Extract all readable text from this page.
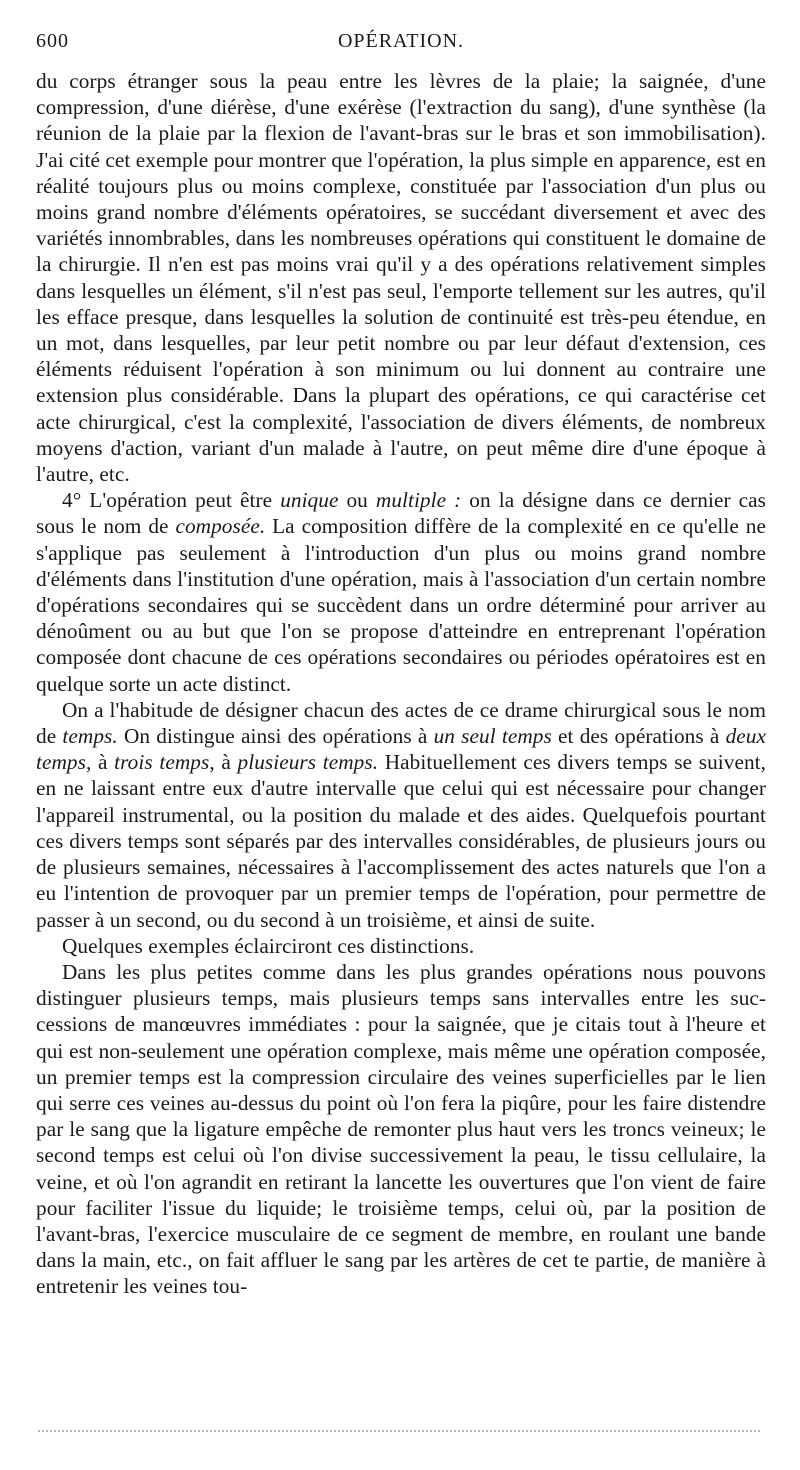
600	OPÉRATION.

du corps étranger sous la peau entre les lèvres de la plaie; la saignée, d'une compression, d'une diérèse, d'une exérèse (l'extraction du sang), d'une synthèse (la réunion de la plaie par la flexion de l'avant-bras sur le bras et son immobilisation). J'ai cité cet exemple pour montrer que l'opération, la plus simple en apparence, est en réalité toujours plus ou moins complexe, constituée par l'association d'un plus ou moins grand nombre d'éléments opératoires, se succédant diversement et avec des variétés innombrables, dans les nombreuses opérations qui constituent le domaine de la chirurgie. Il n'en est pas moins vrai qu'il y a des opérations relativement simples dans lesquelles un élément, s'il n'est pas seul, l'emporte tellement sur les autres, qu'il les efface presque, dans lesquelles la solution de continuité est très-peu étendue, en un mot, dans lesquelles, par leur petit nombre ou par leur défaut d'extension, ces éléments réduisent l'opération à son minimum ou lui donnent au contraire une extension plus considérable. Dans la plupart des opérations, ce qui caractérise cet acte chirurgical, c'est la complexité, l'association de divers éléments, de nombreux moyens d'action, variant d'un malade à l'autre, on peut même dire d'une époque à l'autre, etc.

4° L'opération peut être unique ou multiple : on la désigne dans ce dernier cas sous le nom de composée. La composition diffère de la complexité en ce qu'elle ne s'applique pas seulement à l'introduction d'un plus ou moins grand nombre d'éléments dans l'institution d'une opération, mais à l'association d'un certain nombre d'opérations secondaires qui se succèdent dans un ordre déterminé pour arriver au dénoûment ou au but que l'on se propose d'atteindre en entreprenant l'opération composée dont chacune de ces opérations secondaires ou périodes opératoires est en quelque sorte un acte distinct.

On a l'habitude de désigner chacun des actes de ce drame chirurgical sous le nom de temps. On distingue ainsi des opérations à un seul temps et des opérations à deux temps, à trois temps, à plusieurs temps. Habituellement ces divers temps se suivent, en ne laissant entre eux d'autre intervalle que celui qui est nécessaire pour changer l'appareil instrumental, ou la position du malade et des aides. Quelquefois pourtant ces divers temps sont séparés par des intervalles considérables, de plusieurs jours ou de plusieurs semaines, nécessaires à l'accomplissement des actes naturels que l'on a eu l'intention de provoquer par un premier temps de l'opération, pour permettre de passer à un second, ou du second à un troisième, et ainsi de suite.

Quelques exemples éclairciront ces distinctions.

Dans les plus petites comme dans les plus grandes opérations nous pouvons distinguer plusieurs temps, mais plusieurs temps sans intervalles entre les successions de manœuvres immédiates : pour la saignée, que je citais tout à l'heure et qui est non-seulement une opération complexe, mais même une opération composée, un premier temps est la compression circulaire des veines superficielles par le lien qui serre ces veines au-dessus du point où l'on fera la piqûre, pour les faire distendre par le sang que la ligature empêche de remonter plus haut vers les troncs veineux; le second temps est celui où l'on divise successivement la peau, le tissu cellulaire, la veine, et où l'on agrandit en retirant la lancette les ouvertures que l'on vient de faire pour faciliter l'issue du liquide; le troisième temps, celui où, par la position de l'avant-bras, l'exercice musculaire de ce segment de membre, en roulant une bande dans la main, etc., on fait affluer le sang par les artères de cet te partie, de manière à entretenir les veines tou-
